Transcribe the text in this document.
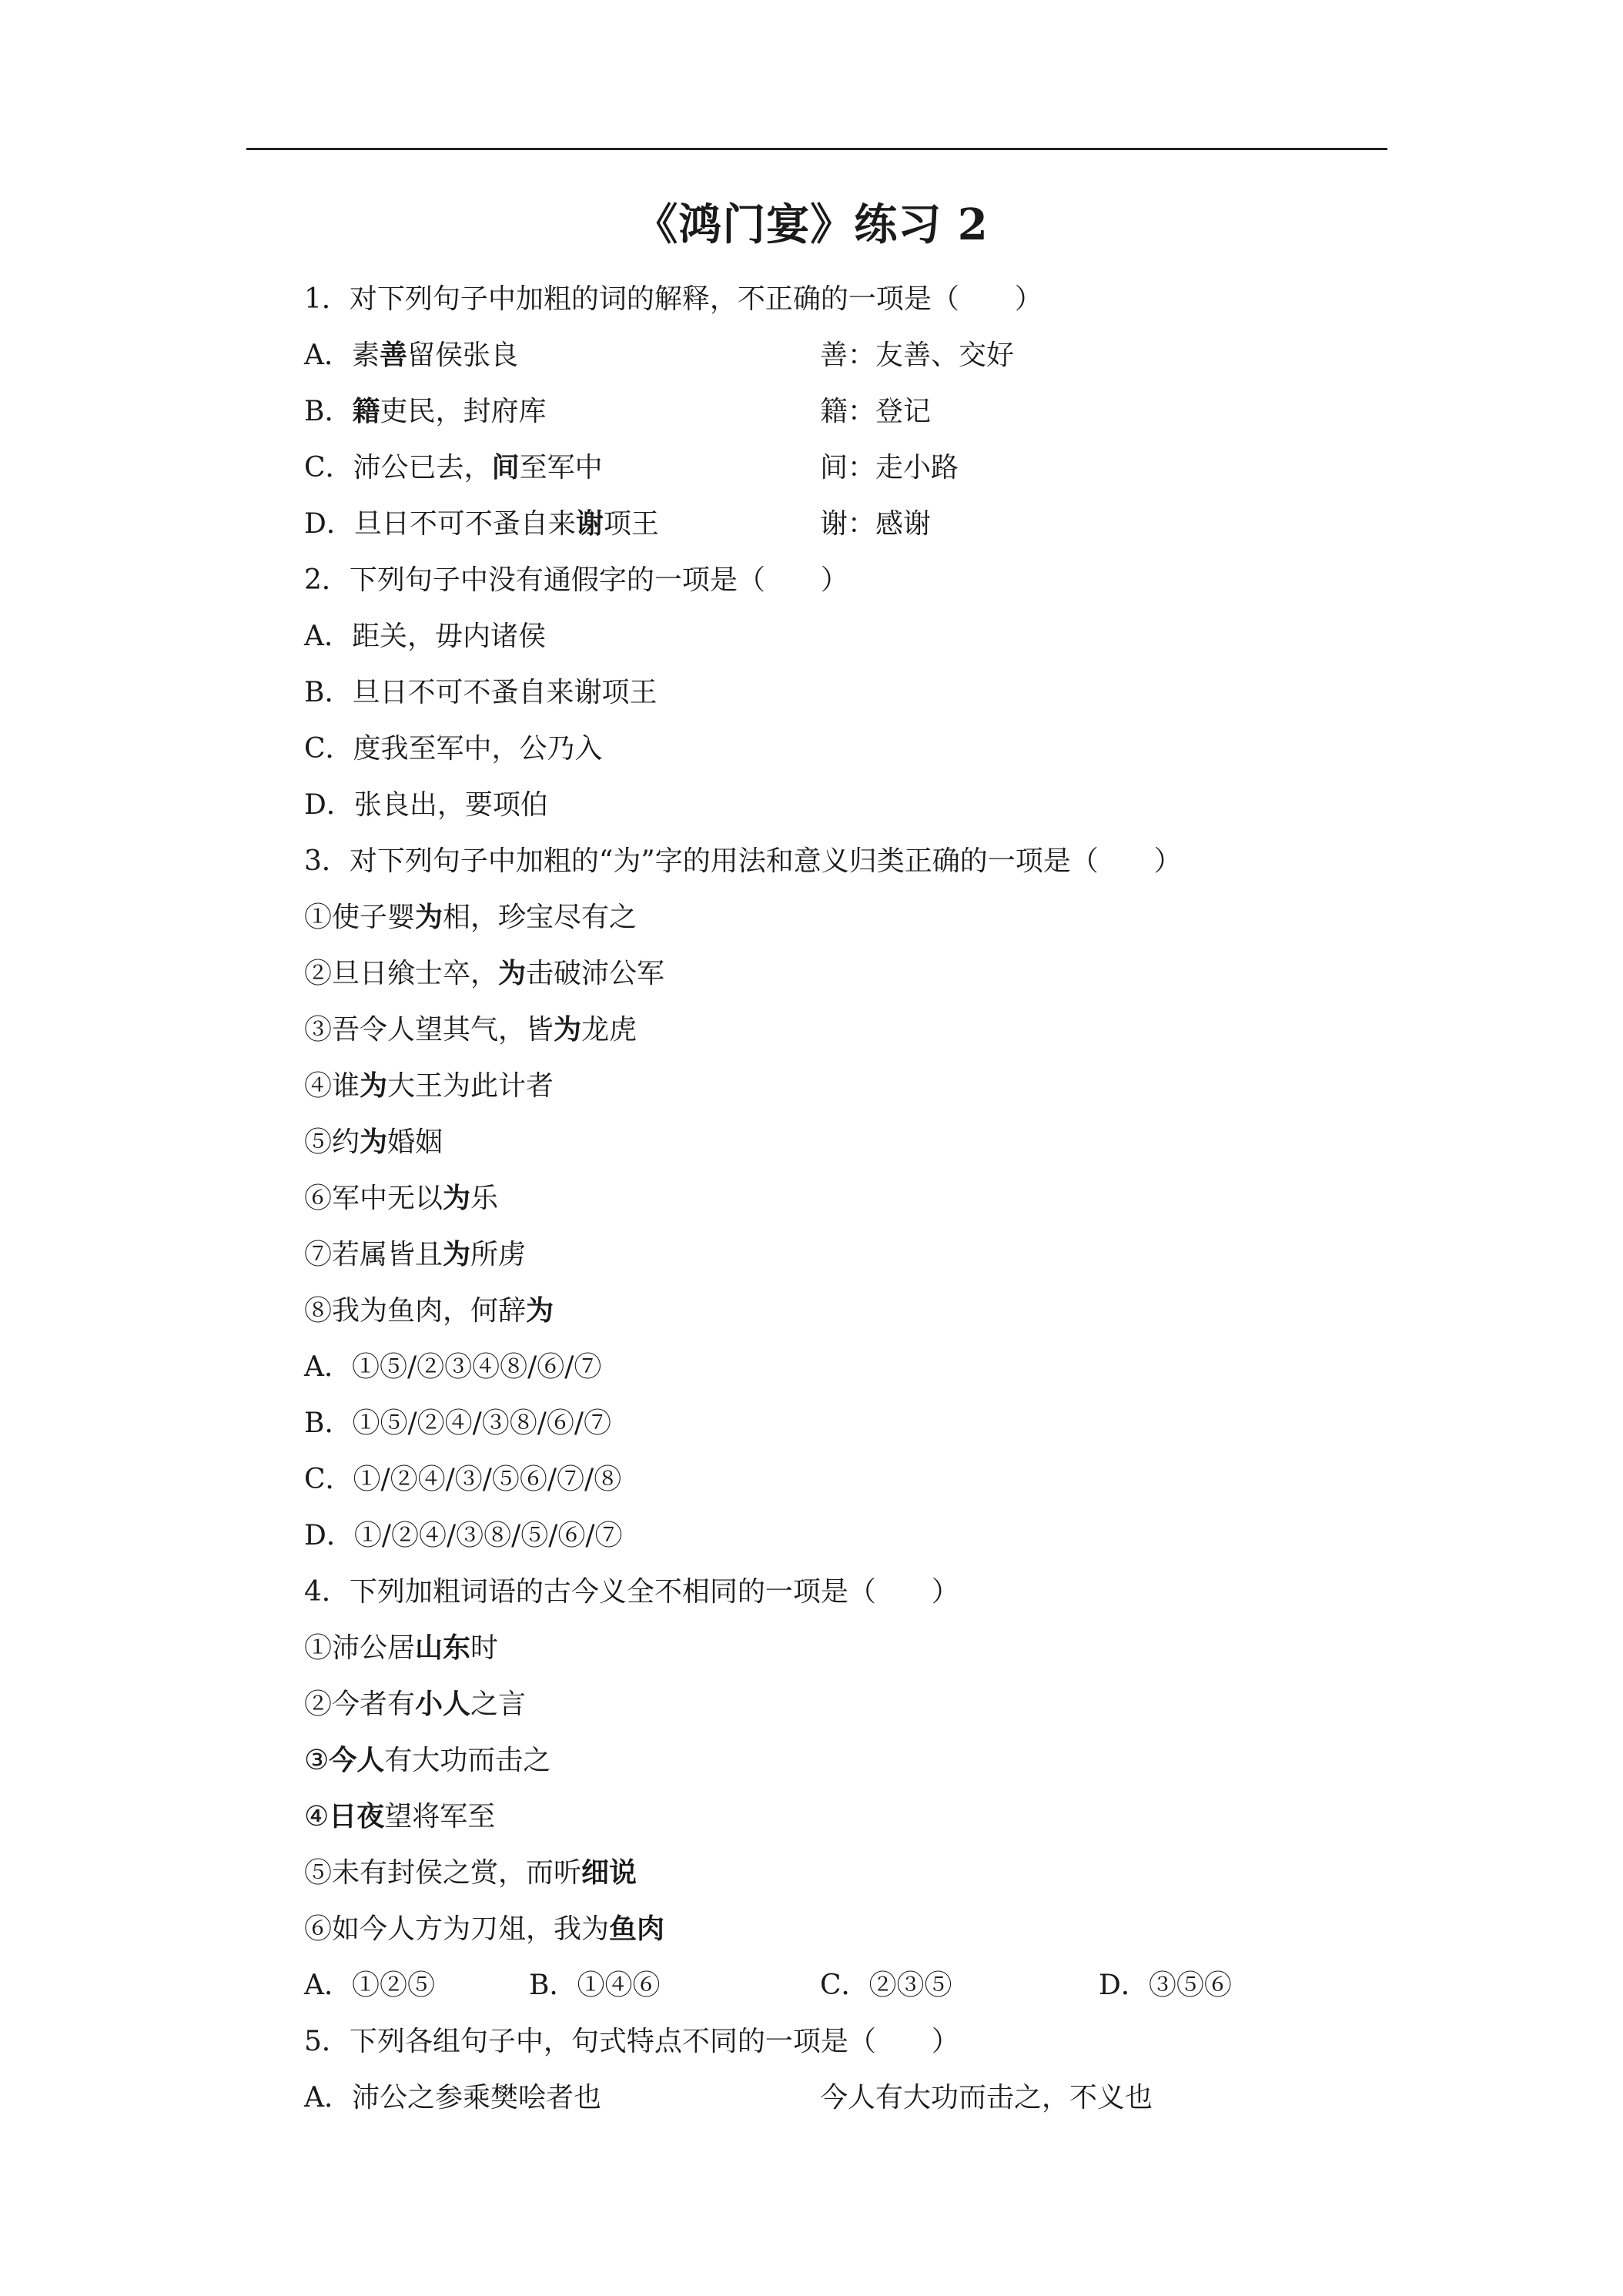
《鸿门宴》练习 2
1．对下列句子中加粗的词的解释，不正确的一项是（　　）
A．素善留侯张良	善：友善、交好
B．籍吏民，封府库	籍：登记
C．沛公已去，间至军中	间：走小路
D．旦日不可不蚤自来谢项王	谢：感谢
2．下列句子中没有通假字的一项是（　　）
A．距关，毋内诸侯
B．旦日不可不蚤自来谢项王
C．度我至军中，公乃入
D．张良出，要项伯
3．对下列句子中加粗的“为”字的用法和意义归类正确的一项是（　　）
①使子婴为相，珍宝尽有之
②旦日飨士卒，为击破沛公军
③吾令人望其气，皆为龙虎
④谁为大王为此计者
⑤约为婚姻
⑥军中无以为乐
⑦若属皆且为所虏
⑧我为鱼肉，何辞为
A．①⑤/②③④⑧/⑥/⑦
B．①⑤/②④/③⑧/⑥/⑦
C．①/②④/③/⑤⑥/⑦/⑧
D．①/②④/③⑧/⑤/⑥/⑦
4．下列加粗词语的古今义全不相同的一项是（　　）
①沛公居山东时
②今者有小人之言
③今人有大功而击之
④日夜望将军至
⑤未有封侯之赏，而听细说
⑥如今人方为刀俎，我为鱼肉
A．①②⑤	B．①④⑥	C．②③⑤	D．③⑤⑥
5．下列各组句子中，句式特点不同的一项是（　　）
A．沛公之参乘樊哙者也	今人有大功而击之，不义也
